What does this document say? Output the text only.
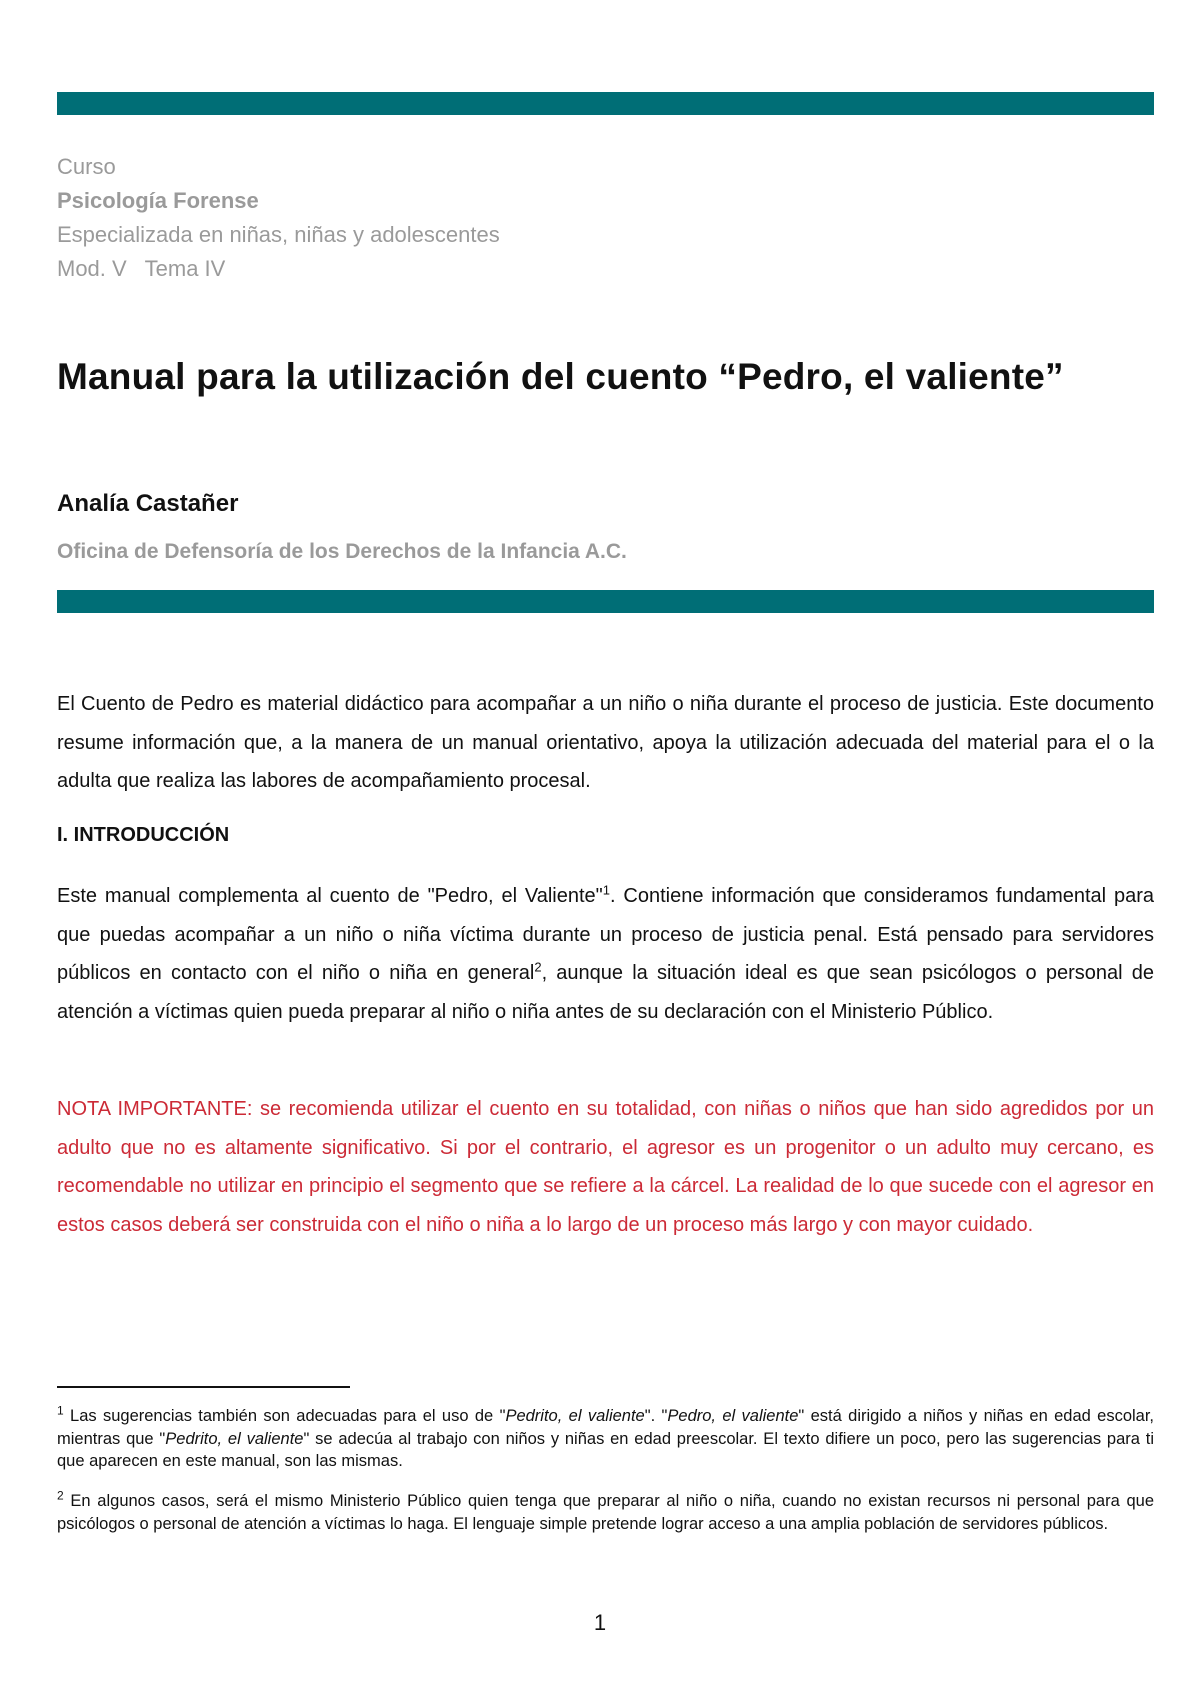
Curso
Psicología Forense
Especializada en niñas, niñas y adolescentes
Mod. V   Tema IV
Manual para la utilización del cuento “Pedro, el valiente”
Analía Castañer
Oficina de Defensoría de los Derechos de la Infancia A.C.

El Cuento de Pedro es material didáctico para acompañar a un niño o niña durante el proceso de justicia. Este documento resume información que, a la manera de un manual orientativo, apoya la utilización adecuada del material para el o la adulta que realiza las labores de acompañamiento procesal.

I. INTRODUCCIÓN

Este manual complementa al cuento de "Pedro, el Valiente"$^1$. Contiene información que consideramos fundamental para que puedas acompañar a un niño o niña víctima durante un proceso de justicia penal. Está pensado para servidores públicos en contacto con el niño o niña en general$^2$, aunque la situación ideal es que sean psicólogos o personal de atención a víctimas quien pueda preparar al niño o niña antes de su declaración con el Ministerio Público.

NOTA IMPORTANTE: se recomienda utilizar el cuento en su totalidad, con niñas o niños que han sido agredidos por un adulto que no es altamente significativo. Si por el contrario, el agresor es un progenitor o un adulto muy cercano, es recomendable no utilizar en principio el segmento que se refiere a la cárcel. La realidad de lo que sucede con el agresor en estos casos deberá ser construida con el niño o niña a lo largo de un proceso más largo y con mayor cuidado.

$^1$ Las sugerencias también son adecuadas para el uso de "Pedrito, el valiente". "Pedro, el valiente" está dirigido a niños y niñas en edad escolar, mientras que "Pedrito, el valiente" se adecúa al trabajo con niños y niñas en edad preescolar. El texto difiere un poco, pero las sugerencias para ti que aparecen en este manual, son las mismas.

$^2$ En algunos casos, será el mismo Ministerio Público quien tenga que preparar al niño o niña, cuando no existan recursos ni personal para que psicólogos o personal de atención a víctimas lo haga. El lenguaje simple pretende lograr acceso a una amplia población de servidores públicos.

1
